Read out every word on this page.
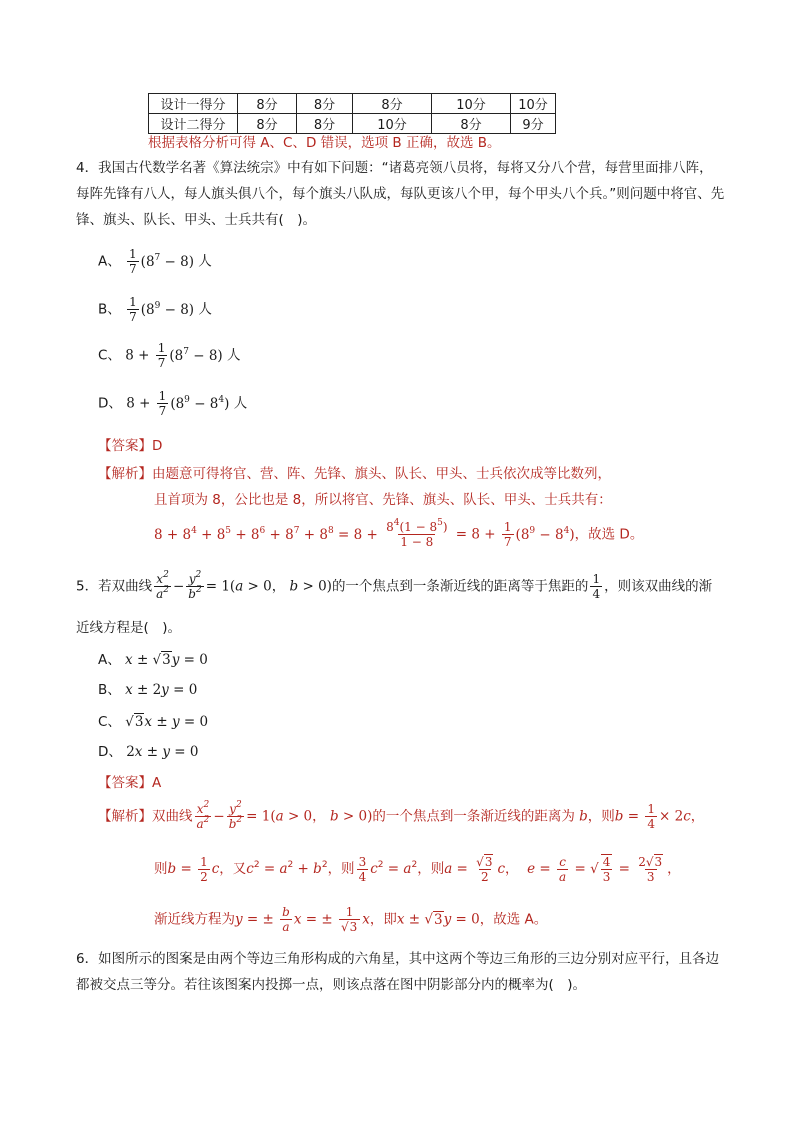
设计一得分	8分	8分	8分	10分	10分
设计二得分	8分	8分	10分	8分	9分
根据表格分析可得 A、C、D 错误，选项 B 正确，故选 B。
4．我国古代数学名著《算法统宗》中有如下问题：“诸葛亮领八员将，每将又分八个营，每营里面排八阵，每阵先锋有八人，每人旗头俱八个，每个旗头八队成，每队更该八个甲，每个甲头八个兵。”则问题中将官、先锋、旗头、队长、甲头、士兵共有(　)。
A、 $\frac{1}{7} (8^7 - 8)$ 人
B、 $\frac{1}{7} (8^9 - 8)$ 人
C、 $8 + \frac{1}{7} (8^7 - 8)$ 人
D、 $8 + \frac{1}{7} (8^9 - 8^4)$ 人
【答案】D
【解析】由题意可得将官、营、阵、先锋、旗头、队长、甲头、士兵依次成等比数列，
且首项为 8，公比也是 8，所以将官、先锋、旗头、队长、甲头、士兵共有：
$8 + 8^4 + 8^5 + 8^6 + 8^7 + 8^8 = 8 + \frac{8^4(1 - 8^5)}{1 - 8} = 8 + \frac{1}{7} (8^9 - 8^4)$，故选 D。
5．若双曲线 $\frac{x^2}{a^2} - \frac{y^2}{b^2} = 1(a > 0$， b > 0)的一个焦点到一条渐近线的距离等于焦距的 $\frac{1}{4}$ ，则该双曲线的渐
近线方程是(　)。
A、 x ± √3y = 0
B、 x ± 2y = 0
C、 √3x ± y = 0
D、 2x ± y = 0
【答案】A
【解析】双曲线 $\frac{x^2}{a^2} - \frac{y^2}{b^2} = 1(a > 0$， b > 0)的一个焦点到一条渐近线的距离为 b，则$b = \frac{1}{4} \times 2c$，
则$b = \frac{1}{2}$ c，又$c^2 = a^2 + b^2$，则 $\frac{3}{4} c^2 = a^2$，则$a = \frac{√3}{2}$ c，  $e = \frac{c}{a}$ = √ $\frac{4}{3} = \frac{2√3}{3}$ ，
渐近线方程为y = ± $\frac{b}{a}$ x = ± $\frac{1}{√3}$ x，即x ± √3y = 0，故选 A。
6．如图所示的图案是由两个等边三角形构成的六角星，其中这两个等边三角形的三边分别对应平行，且各边都被交点三等分。若往该图案内投掷一点，则该点落在图中阴影部分内的概率为(　)。
